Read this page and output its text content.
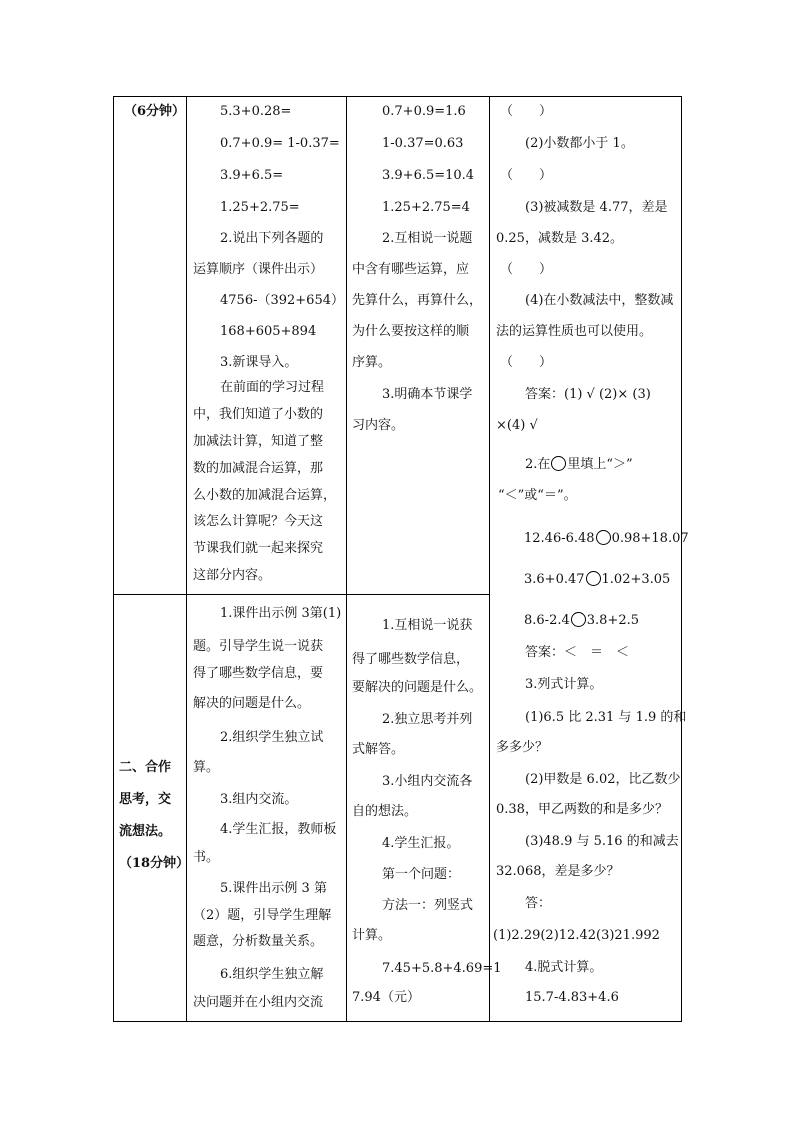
（6分钟）	5.3+0.28=
0.7+0.9= 1-0.37=
3.9+6.5=
1.25+2.75=
2.说出下列各题的
运算顺序（课件出示）
4756-（392+654）
168+605+894
3.新课导入。
在前面的学习过程
中，我们知道了小数的
加减法计算，知道了整
数的加减混合运算，那
么小数的加减混合运算，
该怎么计算呢？今天这
节课我们就一起来探究
这部分内容。
0.7+0.9=1.6
1-0.37=0.63
3.9+6.5=10.4
1.25+2.75=4
2.互相说一说题
中含有哪些运算，应
先算什么，再算什么，
为什么要按这样的顺
序算。
3.明确本节课学
习内容。
二、合作
思考，交
流想法。
（18分钟）
1.课件出示例 3第(1)
题。引导学生说一说获
得了哪些数学信息，要
解决的问题是什么。
2.组织学生独立试
算。
3.组内交流。
4.学生汇报，教师板
书。
5.课件出示例 3 第
（2）题，引导学生理解
题意，分析数量关系。
6.组织学生独立解
决问题并在小组内交流
1.互相说一说获
得了哪些数学信息，
要解决的问题是什么。
2.独立思考并列
式解答。
3.小组内交流各
自的想法。
4.学生汇报。
第一个问题：
方法一：列竖式
计算。
7.45+5.8+4.69=1
7.94（元）
（　　）
(2)小数都小于 1。
（　　）
(3)被减数是 4.77，差是
0.25，减数是 3.42。
（　　）
(4)在小数减法中，整数减
法的运算性质也可以使用。
（　　）
答案：(1) √ (2)× (3)
×(4) √
2.在 里填上“＞”
“＜”或“＝”。
12.46-6.48 0.98+18.07
3.6+0.47 1.02+3.05
8.6-2.4 3.8+2.5
答案：＜　＝　＜
3.列式计算。
(1)6.5 比 2.31 与 1.9 的和
多多少？
(2)甲数是 6.02，比乙数少
0.38，甲乙两数的和是多少？
(3)48.9 与 5.16 的和减去
32.068，差是多少？
答：
(1)2.29(2)12.42(3)21.992
4.脱式计算。
15.7-4.83+4.6
